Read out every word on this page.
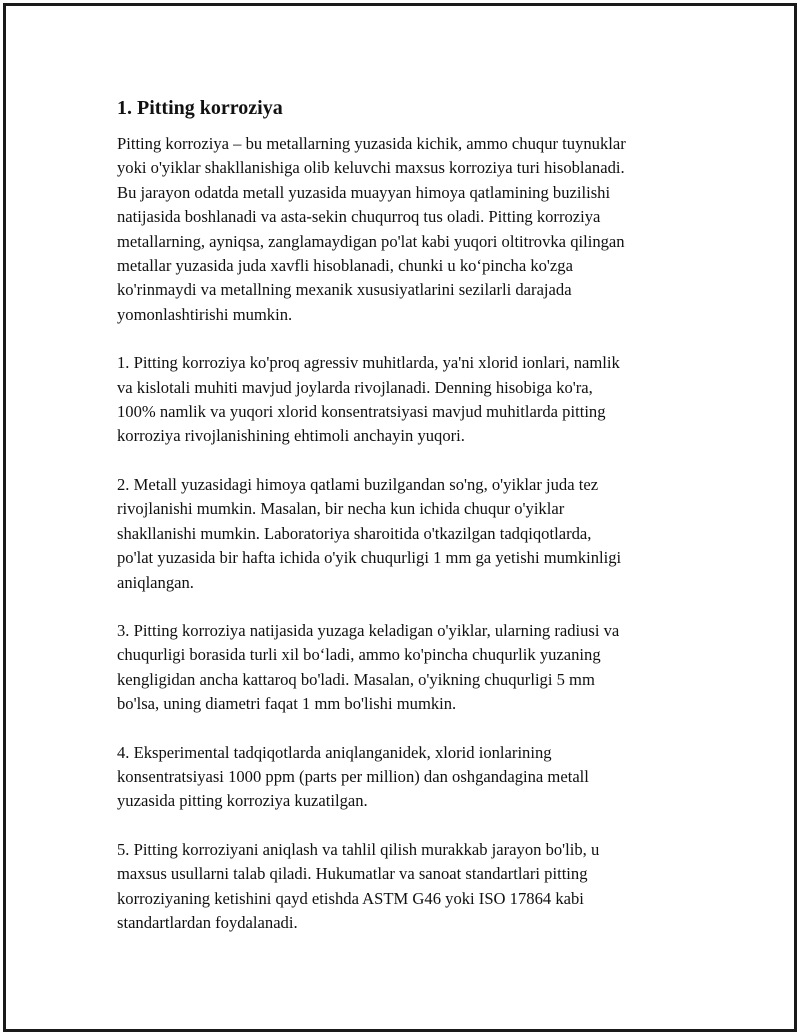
1. Pitting korroziya

Pitting korroziya – bu metallarning yuzasida kichik, ammo chuqur tuynuklar
yoki o'yiklar shakllanishiga olib keluvchi maxsus korroziya turi hisoblanadi.
Bu jarayon odatda metall yuzasida muayyan himoya qatlamining buzilishi
natijasida boshlanadi va asta-sekin chuqurroq tus oladi. Pitting korroziya
metallarning, ayniqsa, zanglamaydigan po'lat kabi yuqori oltitrovka qilingan
metallar yuzasida juda xavfli hisoblanadi, chunki u ko‘pincha ko'zga
ko'rinmaydi va metallning mexanik xususiyatlarini sezilarli darajada
yomonlashtirishi mumkin.

1. Pitting korroziya ko'proq agressiv muhitlarda, ya'ni xlorid ionlari, namlik
va kislotali muhiti mavjud joylarda rivojlanadi. Denning hisobiga ko'ra,
100% namlik va yuqori xlorid konsentratsiyasi mavjud muhitlarda pitting
korroziya rivojlanishining ehtimoli anchayin yuqori.

2. Metall yuzasidagi himoya qatlami buzilgandan so'ng, o'yiklar juda tez
rivojlanishi mumkin. Masalan, bir necha kun ichida chuqur o'yiklar
shakllanishi mumkin. Laboratoriya sharoitida o'tkazilgan tadqiqotlarda,
po'lat yuzasida bir hafta ichida o'yik chuqurligi 1 mm ga yetishi mumkinligi
aniqlangan.

3. Pitting korroziya natijasida yuzaga keladigan o'yiklar, ularning radiusi va
chuqurligi borasida turli xil bo‘ladi, ammo ko'pincha chuqurlik yuzaning
kengligidan ancha kattaroq bo'ladi. Masalan, o'yikning chuqurligi 5 mm
bo'lsa, uning diametri faqat 1 mm bo'lishi mumkin.

4. Eksperimental tadqiqotlarda aniqlanganidek, xlorid ionlarining
konsentratsiyasi 1000 ppm (parts per million) dan oshgandagina metall
yuzasida pitting korroziya kuzatilgan.

5. Pitting korroziyani aniqlash va tahlil qilish murakkab jarayon bo'lib, u
maxsus usullarni talab qiladi. Hukumatlar va sanoat standartlari pitting
korroziyaning ketishini qayd etishda ASTM G46 yoki ISO 17864 kabi
standartlardan foydalanadi.
